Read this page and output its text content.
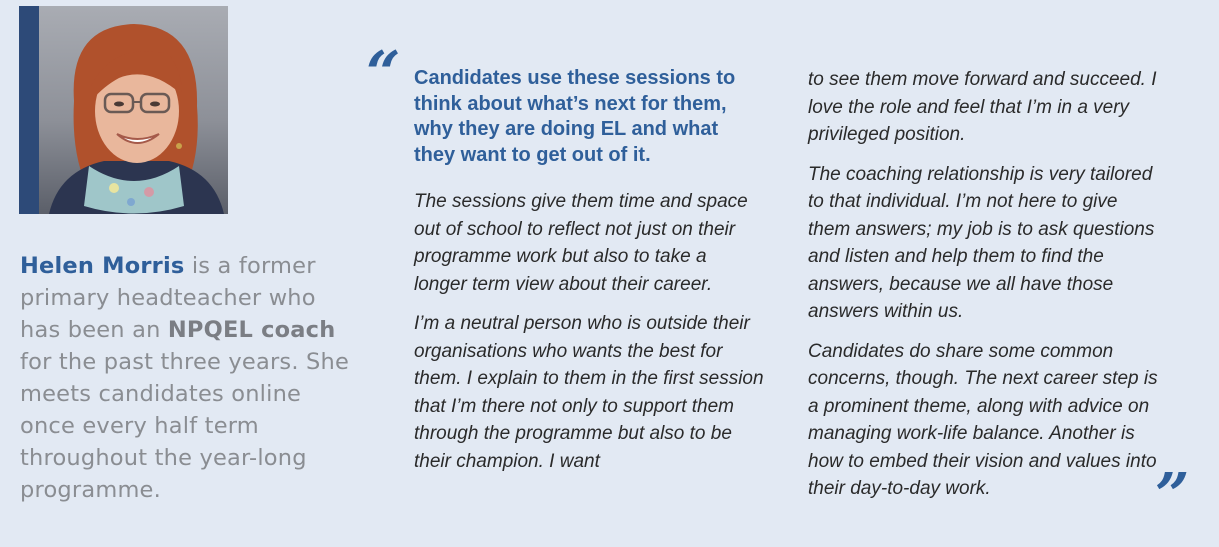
Helen Morris is a former primary headteacher who has been an NPQEL coach for the past three years. She meets candidates online once every half term throughout the year-long programme.
“ Candidates use these sessions to think about what’s next for them, why they are doing EL and what they want to get out of it.

The sessions give them time and space out of school to reflect not just on their programme work but also to take a longer term view about their career.

I’m a neutral person who is outside their organisations who wants the best for them. I explain to them in the first session that I’m there not only to support them through the programme but also to be their champion. I want

to see them move forward and succeed. I love the role and feel that I’m in a very privileged position.

The coaching relationship is very tailored to that individual. I’m not here to give them answers; my job is to ask questions and listen and help them to find the answers, because we all have those answers within us.

Candidates do share some common concerns, though. The next career step is a prominent theme, along with advice on managing work-life balance. Another is how to embed their vision and values into their day-to-day work.	”
